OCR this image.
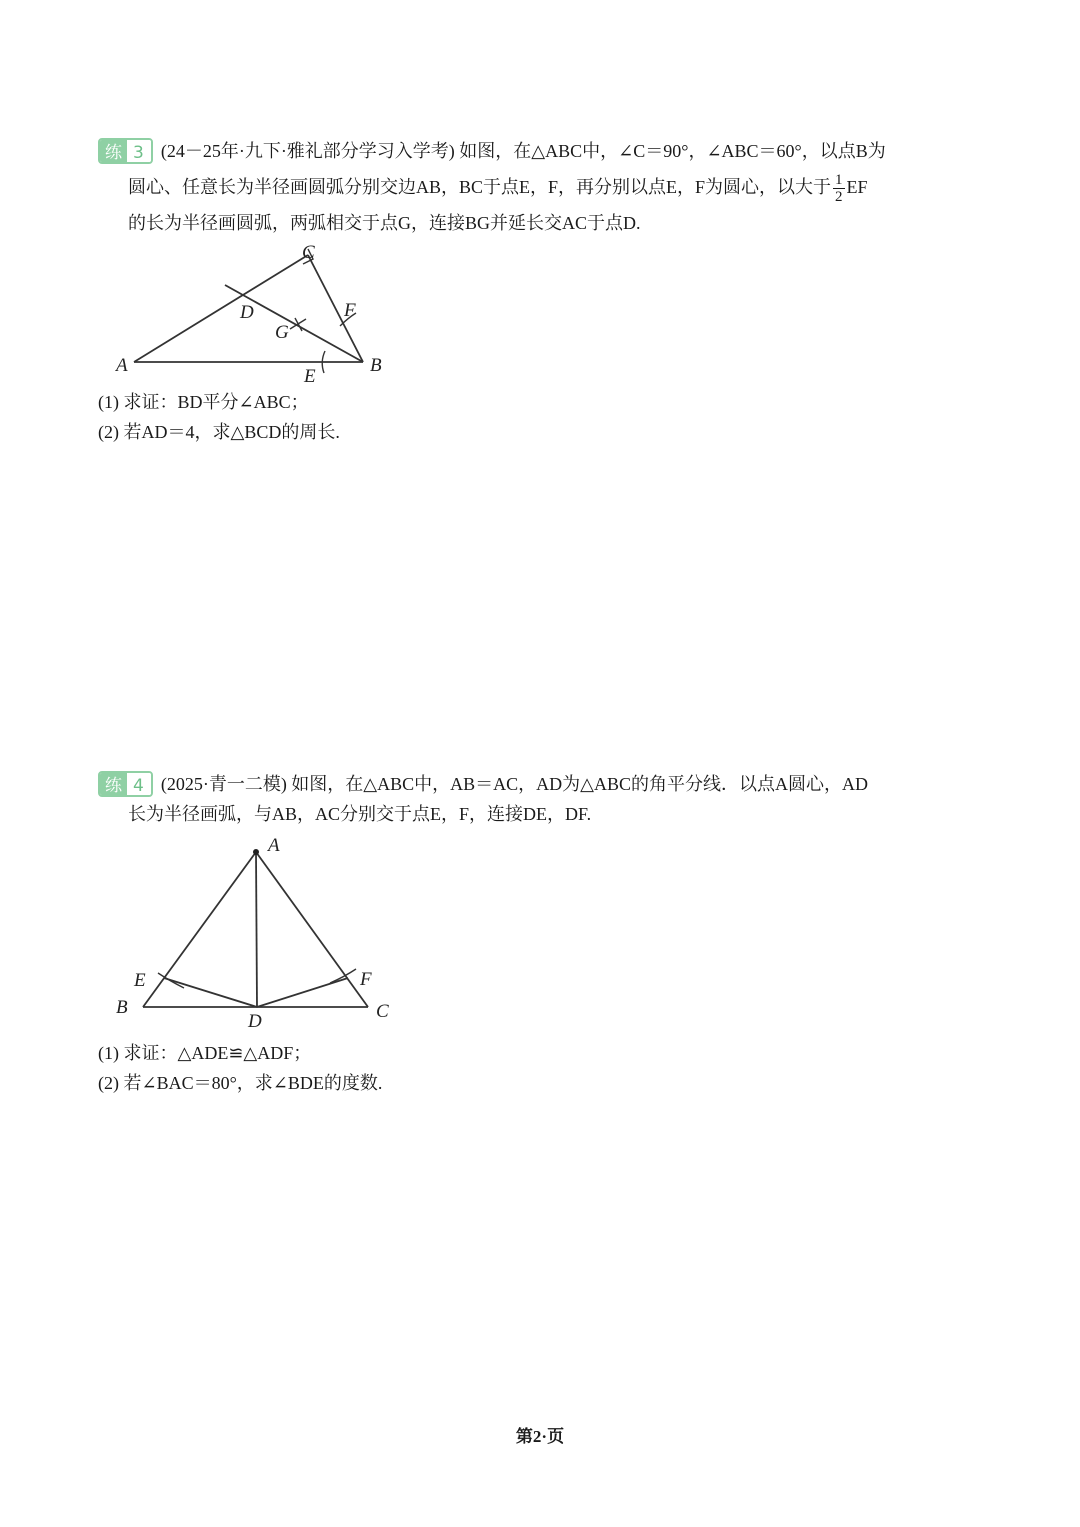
练 3 (24－25年·九下·雅礼部分学习入学考) 如图，在△ABC中，∠C＝90°，∠ABC＝60°，以点B为
圆心、任意长为半径画圆弧分别交边AB，BC于点E，F，再分别以点E，F为圆心，以大于 $\frac{1}{2}$ EF
的长为半径画圆弧，两弧相交于点G，连接BG并延长交AC于点D.
A	B
C
D
E
F
G
(1) 求证：BD平分∠ABC；
(2) 若AD＝4，求△BCD的周长.
练 4 (2025·青一二模) 如图，在△ABC中，AB＝AC，AD为△ABC的角平分线．以点A圆心，AD
长为半径画弧，与AB，AC分别交于点E，F，连接DE，DF.
A
B	C
D
E	F
(1) 求证：△ADE≌△ADF；
(2) 若∠BAC＝80°，求∠BDE的度数.
第2·页
